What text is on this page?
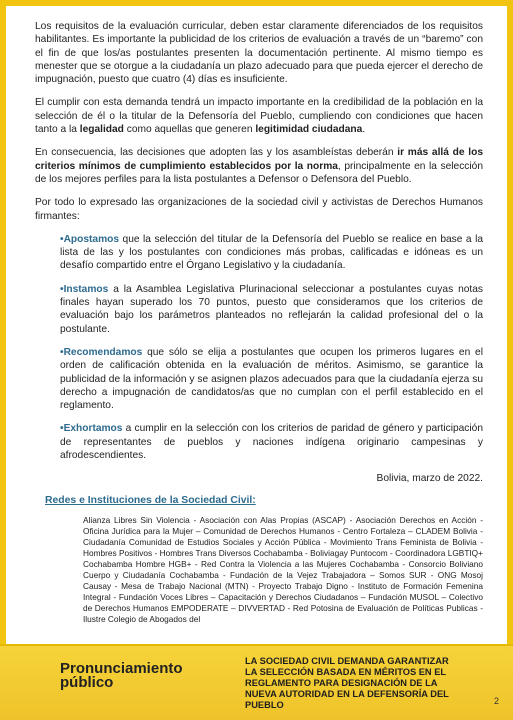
Los requisitos de la evaluación curricular, deben estar claramente diferenciados de los requisitos habilitantes. Es importante la publicidad de los criterios de evaluación a través de un “baremo” con el fin de que los/as postulantes presenten la documentación pertinente. Al mismo tiempo es menester que se otorgue a la ciudadanía un plazo adecuado para que pueda ejercer el derecho de impugnación, puesto que cuatro (4) días es insuficiente.

El cumplir con esta demanda tendrá un impacto importante en la credibilidad de la población en la selección de él o la titular de la Defensoría del Pueblo, cumpliendo con condiciones que hacen tanto a la legalidad como aquellas que generen legitimidad ciudadana.

En consecuencia, las decisiones que adopten las y los asambleístas deberán ir más allá de los criterios mínimos de cumplimiento establecidos por la norma, principalmente en la selección de los mejores perfiles para la lista postulantes a Defensor o Defensora del Pueblo.

Por todo lo expresado las organizaciones de la sociedad civil y activistas de Derechos Humanos firmantes:

•Apostamos que la selección del titular de la Defensoría del Pueblo se realice en base a la lista de las y los postulantes con condiciones más probas, calificadas e idóneas es un desafío compartido entre el Órgano Legislativo y la ciudadanía.

•Instamos a la Asamblea Legislativa Plurinacional seleccionar a postulantes cuyas notas finales hayan superado los 70 puntos, puesto que consideramos que los criterios de evaluación bajo los parámetros planteados no reflejarán la calidad profesional del o la postulante.

•Recomendamos que sólo se elija a postulantes que ocupen los primeros lugares en el orden de calificación obtenida en la evaluación de méritos. Asimismo, se garantice la publicidad de la información y se asignen plazos adecuados para que la ciudadanía ejerza su derecho a impugnación de candidatos/as que no cumplan con el perfil establecido en el reglamento.

•Exhortamos a cumplir en la selección con los criterios de paridad de género y participación de representantes de pueblos y naciones indígena originario campesinas y afrodescendientes.

Bolivia, marzo de 2022.
Redes e Instituciones de la Sociedad Civil:
Alianza Libres Sin Violencia - Asociación con Alas Propias (ASCAP) - Asociación Derechos en Acción - Oficina Jurídica para la Mujer – Comunidad de Derechos Humanos - Centro Fortaleza – CLADEM Bolivia - Ciudadanía Comunidad de Estudios Sociales y Acción Pública - Movimiento Trans Feminista de Bolivia - Hombres Positivos - Hombres Trans Diversos Cochabamba - Boliviagay Puntocom - Coordinadora LGBTIQ+ Cochabamba Hombre HGB+ - Red Contra la Violencia a las Mujeres Cochabamba - Consorcio Boliviano Cuerpo y Ciudadanía Cochabamba - Fundación de la Vejez Trabajadora – Somos SUR - ONG Mosoj Causay - Mesa de Trabajo Nacional (MTN) - Proyecto Trabajo Digno - Instituto de Formación Femenina Integral - Fundación Voces Libres – Capacitación y Derechos Ciudadanos – Fundación MUSOL – Colectivo de Derechos Humanos EMPODERATE – DIVVERTAD - Red Potosina de Evaluación de Políticas Publicas - Ilustre Colegio de Abogados del
Pronunciamiento
público
LA SOCIEDAD CIVIL DEMANDA GARANTIZAR LA SELECCIÓN BASADA EN MÉRITOS EN EL REGLAMENTO PARA DESIGNACIÓN DE LA NUEVA AUTORIDAD EN LA DEFENSORÍA DEL PUEBLO	2
